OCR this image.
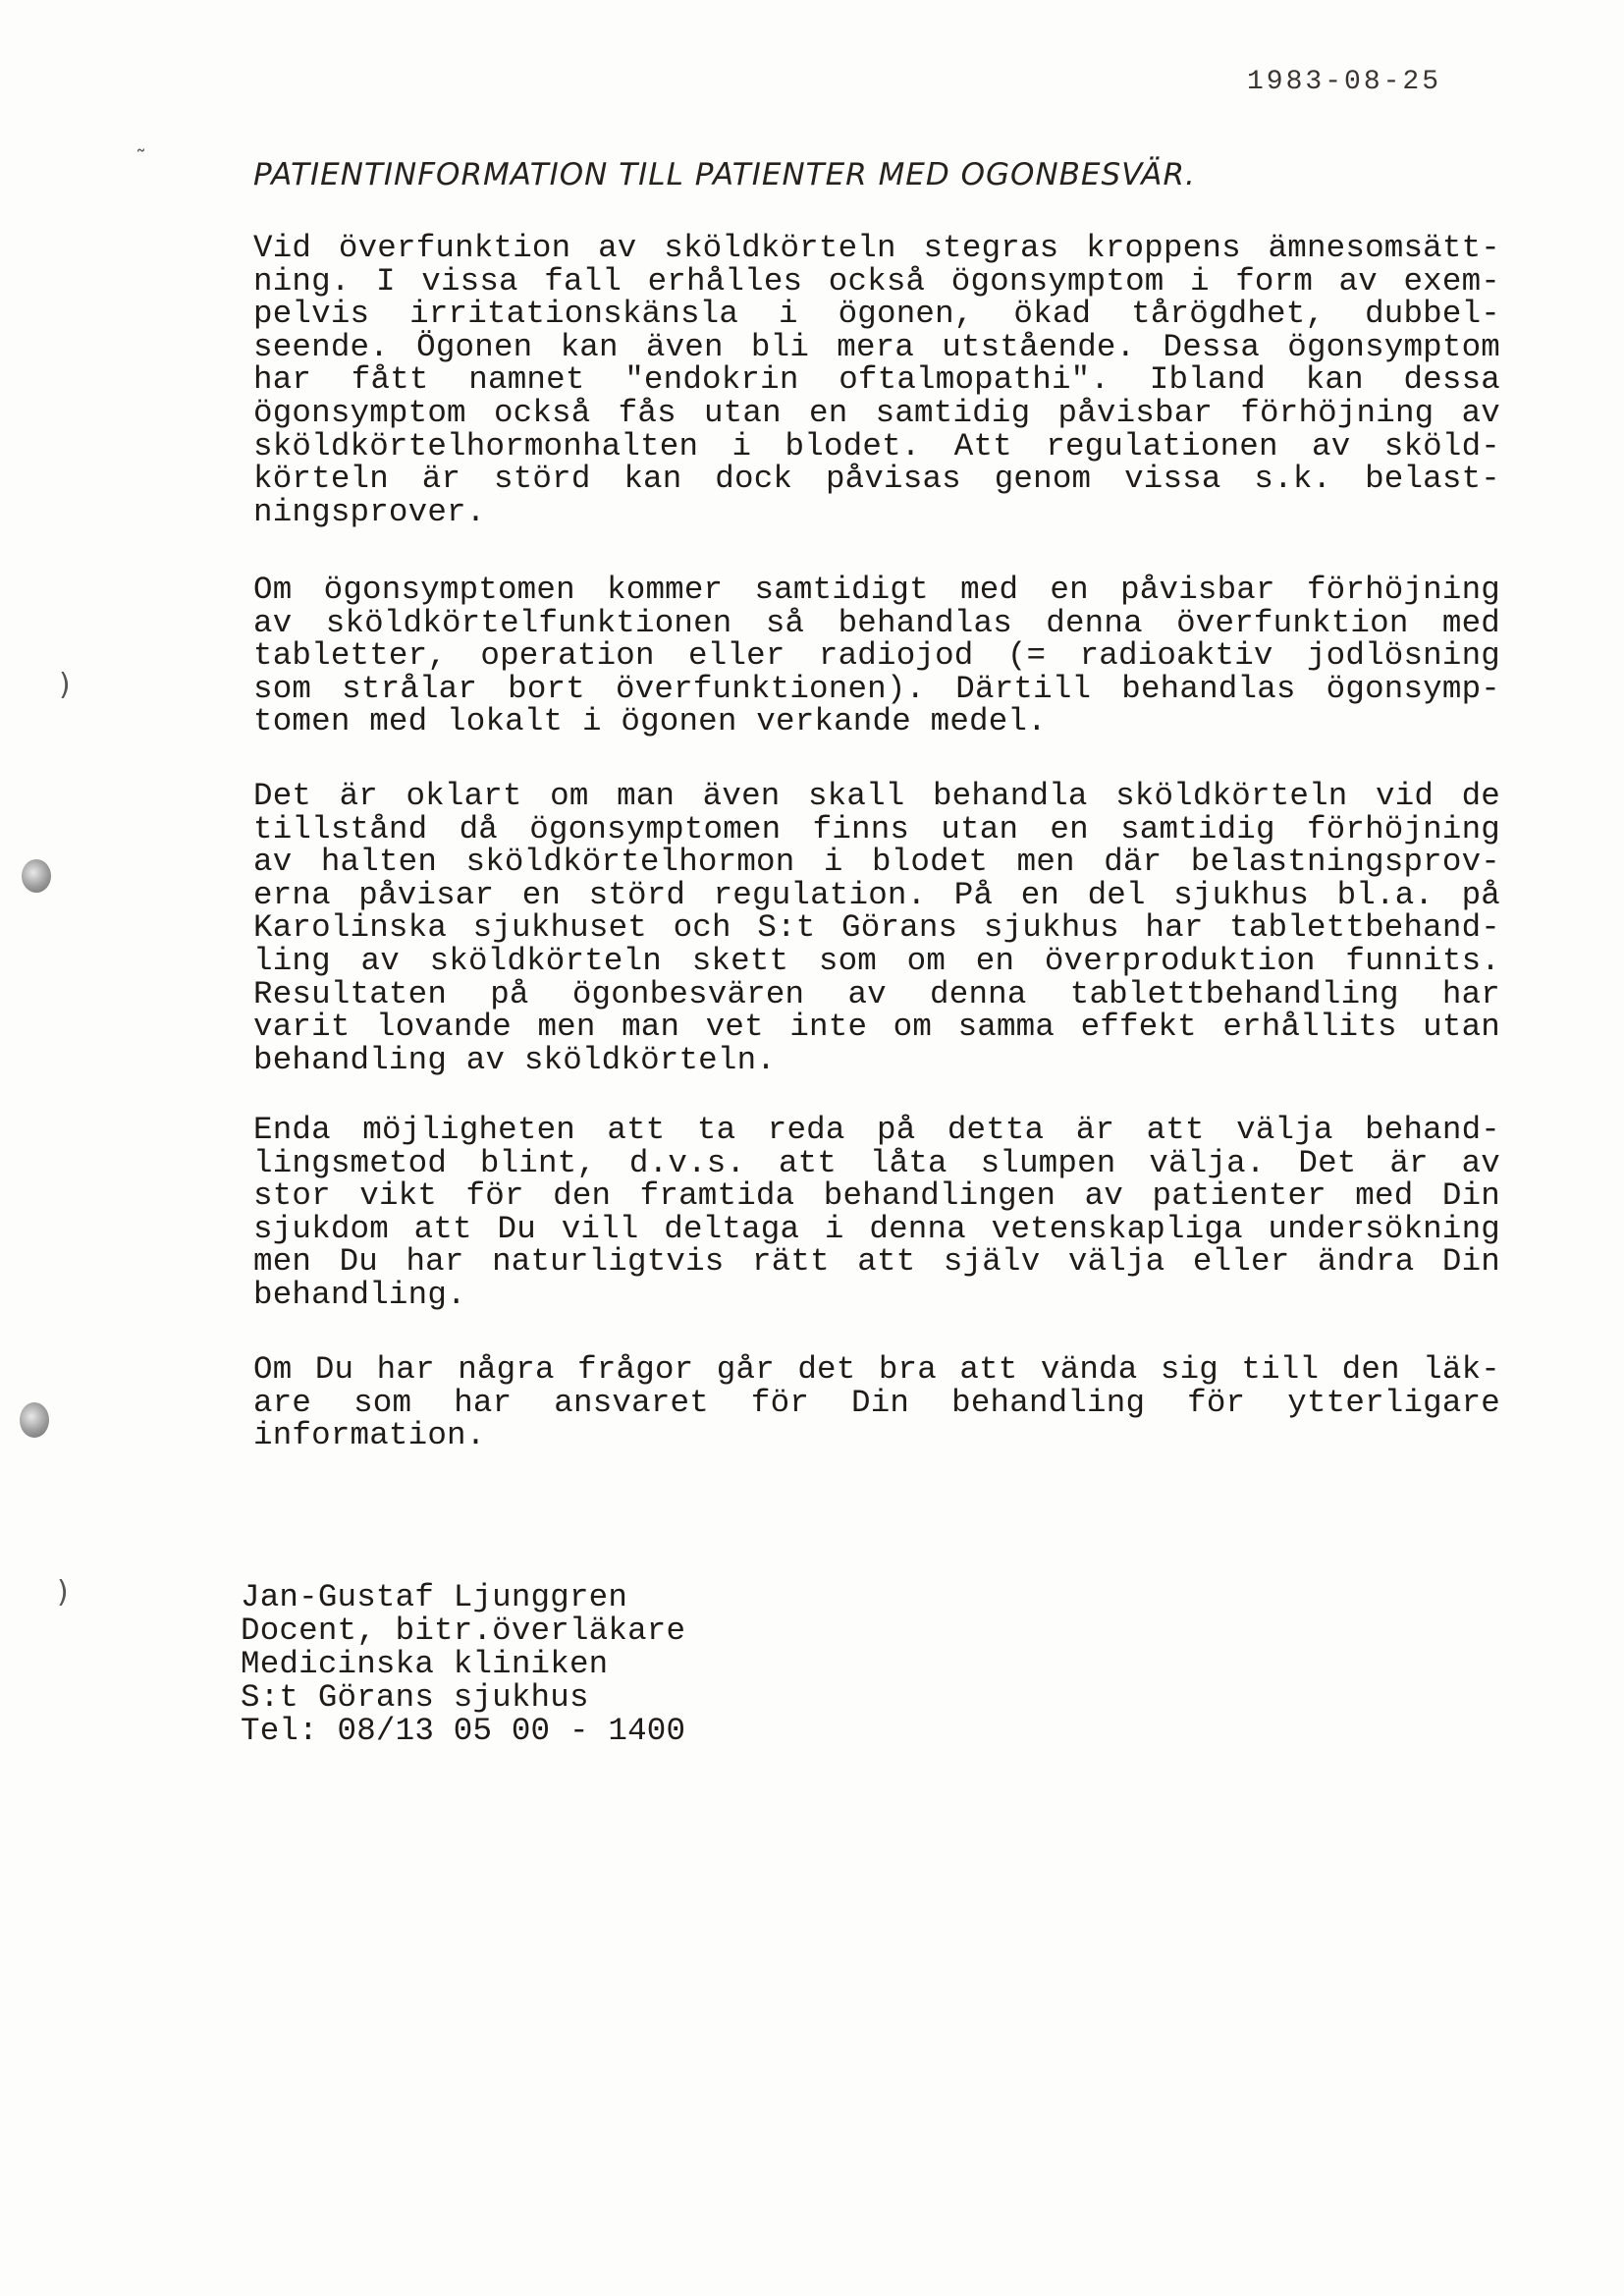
)
)
˜
1983-08-25
PATIENTINFORMATION TILL PATIENTER MED OGONBESVÄR.
Vid överfunktion av sköldkörteln stegras kroppens ämnesomsätt-
ning. I vissa fall erhålles också ögonsymptom i form av exem-
pelvis irritationskänsla i ögonen, ökad tårögdhet, dubbel-
seende. Ögonen kan även bli mera utstående. Dessa ögonsymptom
har fått namnet "endokrin oftalmopathi". Ibland kan dessa
ögonsymptom också fås utan en samtidig påvisbar förhöjning av
sköldkörtelhormonhalten i blodet. Att regulationen av sköld-
körteln är störd kan dock påvisas genom vissa s.k. belast-
ningsprover.
Om ögonsymptomen kommer samtidigt med en påvisbar förhöjning
av sköldkörtelfunktionen så behandlas denna överfunktion med
tabletter, operation eller radiojod (= radioaktiv jodlösning
som strålar bort överfunktionen). Därtill behandlas ögonsymp-
tomen med lokalt i ögonen verkande medel.
Det är oklart om man även skall behandla sköldkörteln vid de
tillstånd då ögonsymptomen finns utan en samtidig förhöjning
av halten sköldkörtelhormon i blodet men där belastningsprov-
erna påvisar en störd regulation. På en del sjukhus bl.a. på
Karolinska sjukhuset och S:t Görans sjukhus har tablettbehand-
ling av sköldkörteln skett som om en överproduktion funnits.
Resultaten på ögonbesvären av denna tablettbehandling har
varit lovande men man vet inte om samma effekt erhållits utan
behandling av sköldkörteln.
Enda möjligheten att ta reda på detta är att välja behand-
lingsmetod blint, d.v.s. att låta slumpen välja. Det är av
stor vikt för den framtida behandlingen av patienter med Din
sjukdom att Du vill deltaga i denna vetenskapliga undersökning
men Du har naturligtvis rätt att själv välja eller ändra Din
behandling.
Om Du har några frågor går det bra att vända sig till den läk-
are som har ansvaret för Din behandling för ytterligare
information.
Jan-Gustaf Ljunggren
Docent, bitr.överläkare
Medicinska kliniken
S:t Görans sjukhus
Tel: 08/13 05 00 - 1400
